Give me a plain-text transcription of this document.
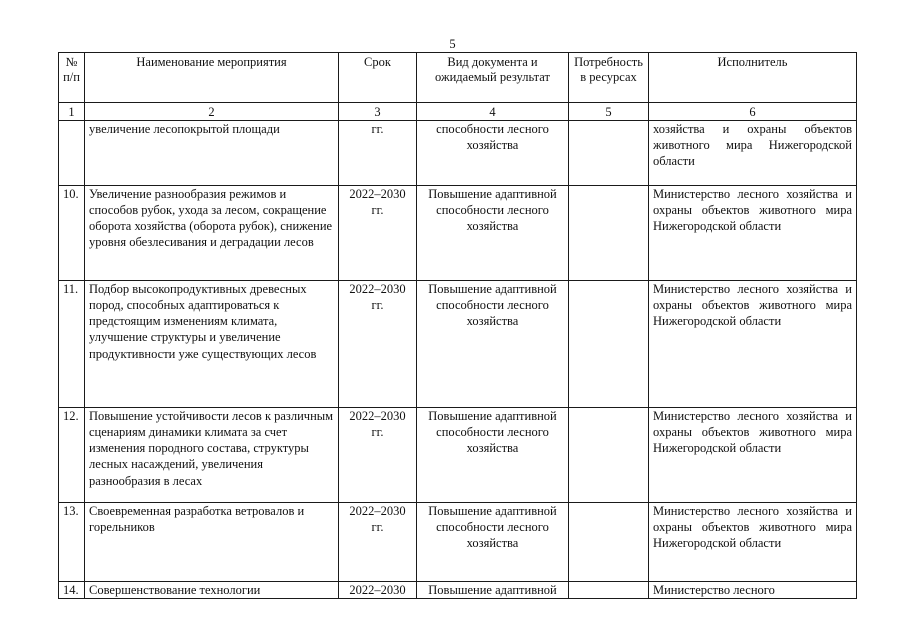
5
№ п/п	Наименование мероприятия	Срок	Вид документа и ожидаемый результат	Потребность в ресурсах	Исполнитель
1	2	3	4	5	6
	увеличение лесопокрытой площади	гг.	способности лесного хозяйства		хозяйства и охраны объектов животного мира Нижегородской области
10.	Увеличение разнообразия режимов и способов рубок, ухода за лесом, сокращение оборота хозяйства (оборота рубок), снижение уровня обезлесивания и деградации лесов	2022–2030 гг.	Повышение адаптивной способности лесного хозяйства		Министерство лесного хозяйства и охраны объектов животного мира Нижегородской области
11.	Подбор высокопродуктивных древесных пород, способных адаптироваться к предстоящим изменениям климата, улучшение структуры и увеличение продуктивности уже существующих лесов	2022–2030 гг.	Повышение адаптивной способности лесного хозяйства		Министерство лесного хозяйства и охраны объектов животного мира Нижегородской области
12.	Повышение устойчивости лесов к различным сценариям динамики климата за счет изменения породного состава, структуры лесных насаждений, увеличения разнообразия в лесах	2022–2030 гг.	Повышение адаптивной способности лесного хозяйства		Министерство лесного хозяйства и охраны объектов животного мира Нижегородской области
13.	Своевременная разработка ветровалов и горельников	2022–2030 гг.	Повышение адаптивной способности лесного хозяйства		Министерство лесного хозяйства и охраны объектов животного мира Нижегородской области
14.	Совершенствование технологии	2022–2030	Повышение адаптивной		Министерство лесного
